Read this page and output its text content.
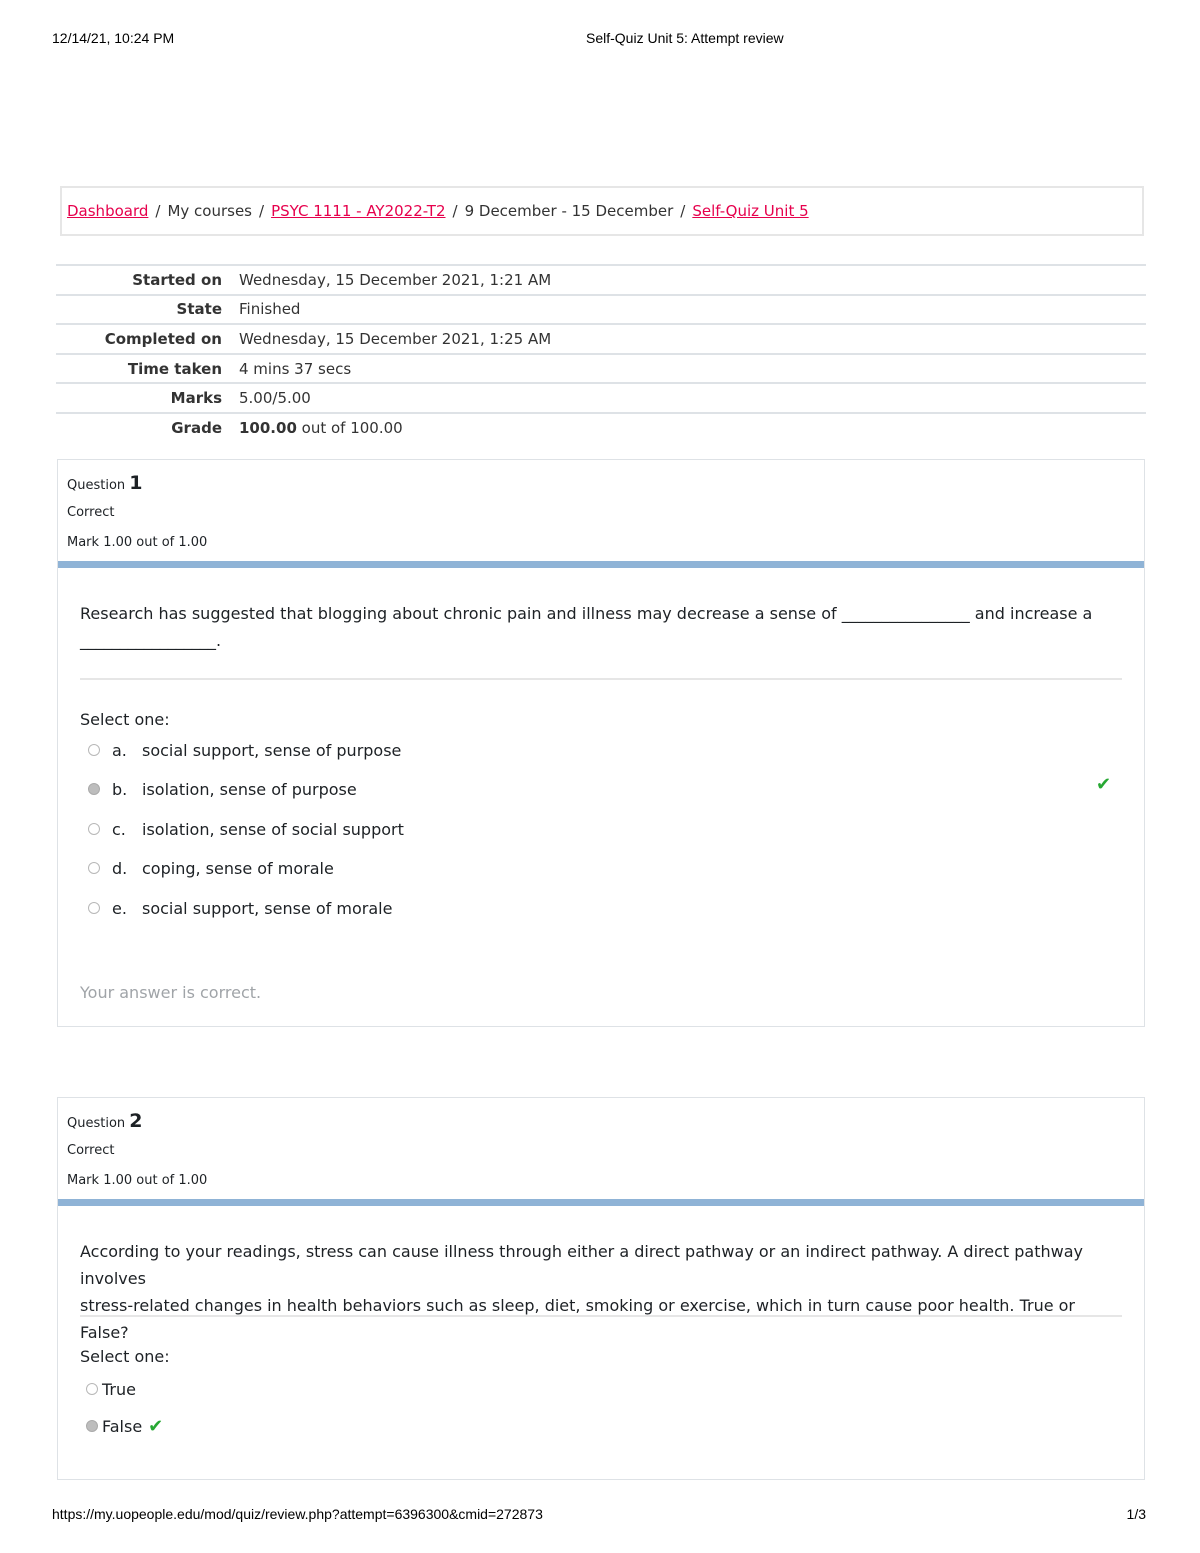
12/14/21, 10:24 PM	Self-Quiz Unit 5: Attempt review
Dashboard / My courses / PSYC 1111 - AY2022-T2 / 9 December - 15 December / Self-Quiz Unit 5
Started on	Wednesday, 15 December 2021, 1:21 AM
State	Finished
Completed on	Wednesday, 15 December 2021, 1:25 AM
Time taken	4 mins 37 secs
Marks	5.00/5.00
Grade	100.00 out of 100.00
Question 1
Correct
Mark 1.00 out of 1.00
Research has suggested that blogging about chronic pain and illness may decrease a sense of ________________ and increase a
_________________.
Select one:
a. social support, sense of purpose
b. isolation, sense of purpose
c.	isolation, sense of social support
d. coping, sense of morale
e. social support, sense of morale
✔
Your answer is correct.
Question 2
Correct
Mark 1.00 out of 1.00
According to your readings, stress can cause illness through either a direct pathway or an indirect pathway. A direct pathway involves
stress-related changes in health behaviors such as sleep, diet, smoking or exercise, which in turn cause poor health. True or False?
Select one:
True
False ✔
https://my.uopeople.edu/mod/quiz/review.php?attempt=6396300&cmid=272873	1/3
